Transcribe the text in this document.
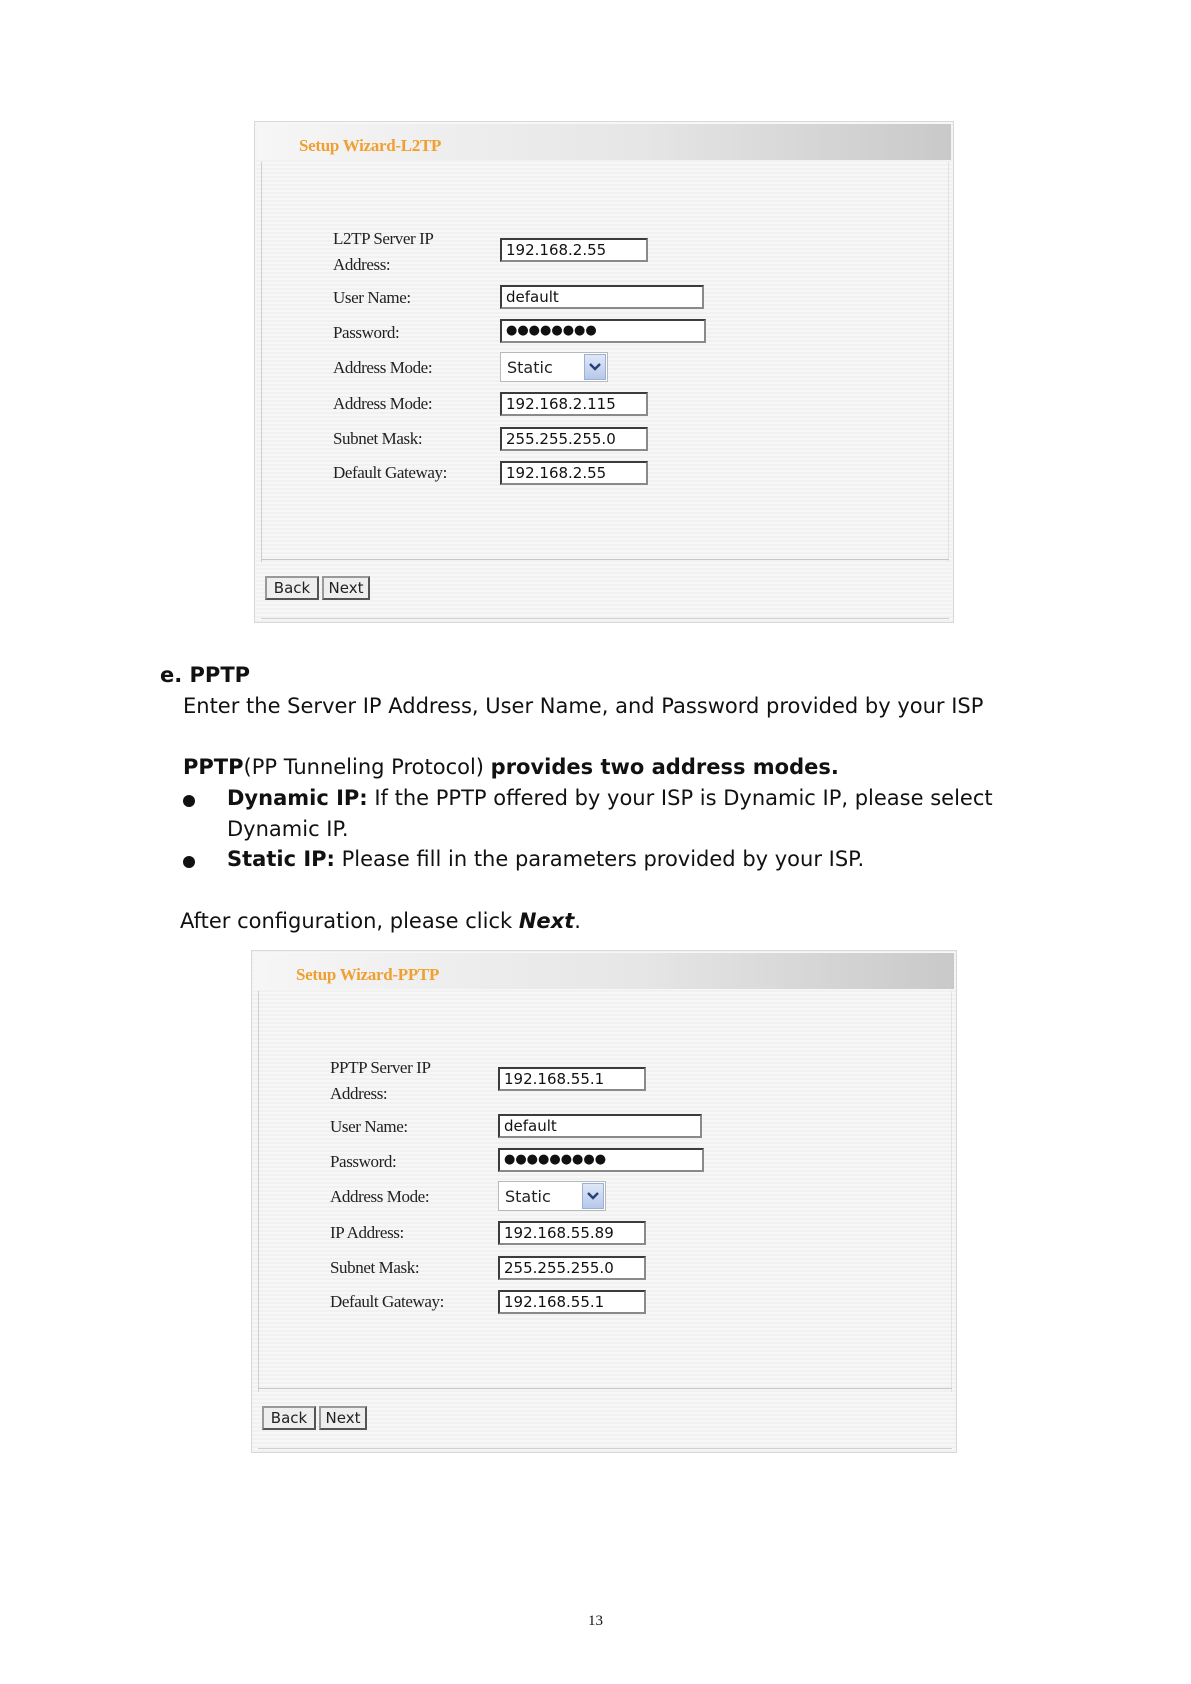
Setup Wizard-L2TP
L2TP Server IP
Address:
192.168.2.55
User Name:	default
Password:	●●●●●●●●
Address Mode:	Static
Address Mode:	192.168.2.115
Subnet Mask:	255.255.255.0
Default Gateway:	192.168.2.55
Back	Next
e. PPTP
Enter the Server IP Address, User Name, and Password provided by your ISP
PPTP(PP Tunneling Protocol) provides two address modes.
Dynamic IP: If the PPTP offered by your ISP is Dynamic IP, please select
Dynamic IP.
Static IP: Please fill in the parameters provided by your ISP.
After configuration, please click Next.
Setup Wizard-PPTP
PPTP Server IP
Address:
192.168.55.1
User Name:	default
Password:	●●●●●●●●●
Address Mode:	Static
IP Address:	192.168.55.89
Subnet Mask:	255.255.255.0
Default Gateway:	192.168.55.1
Back	Next
13
